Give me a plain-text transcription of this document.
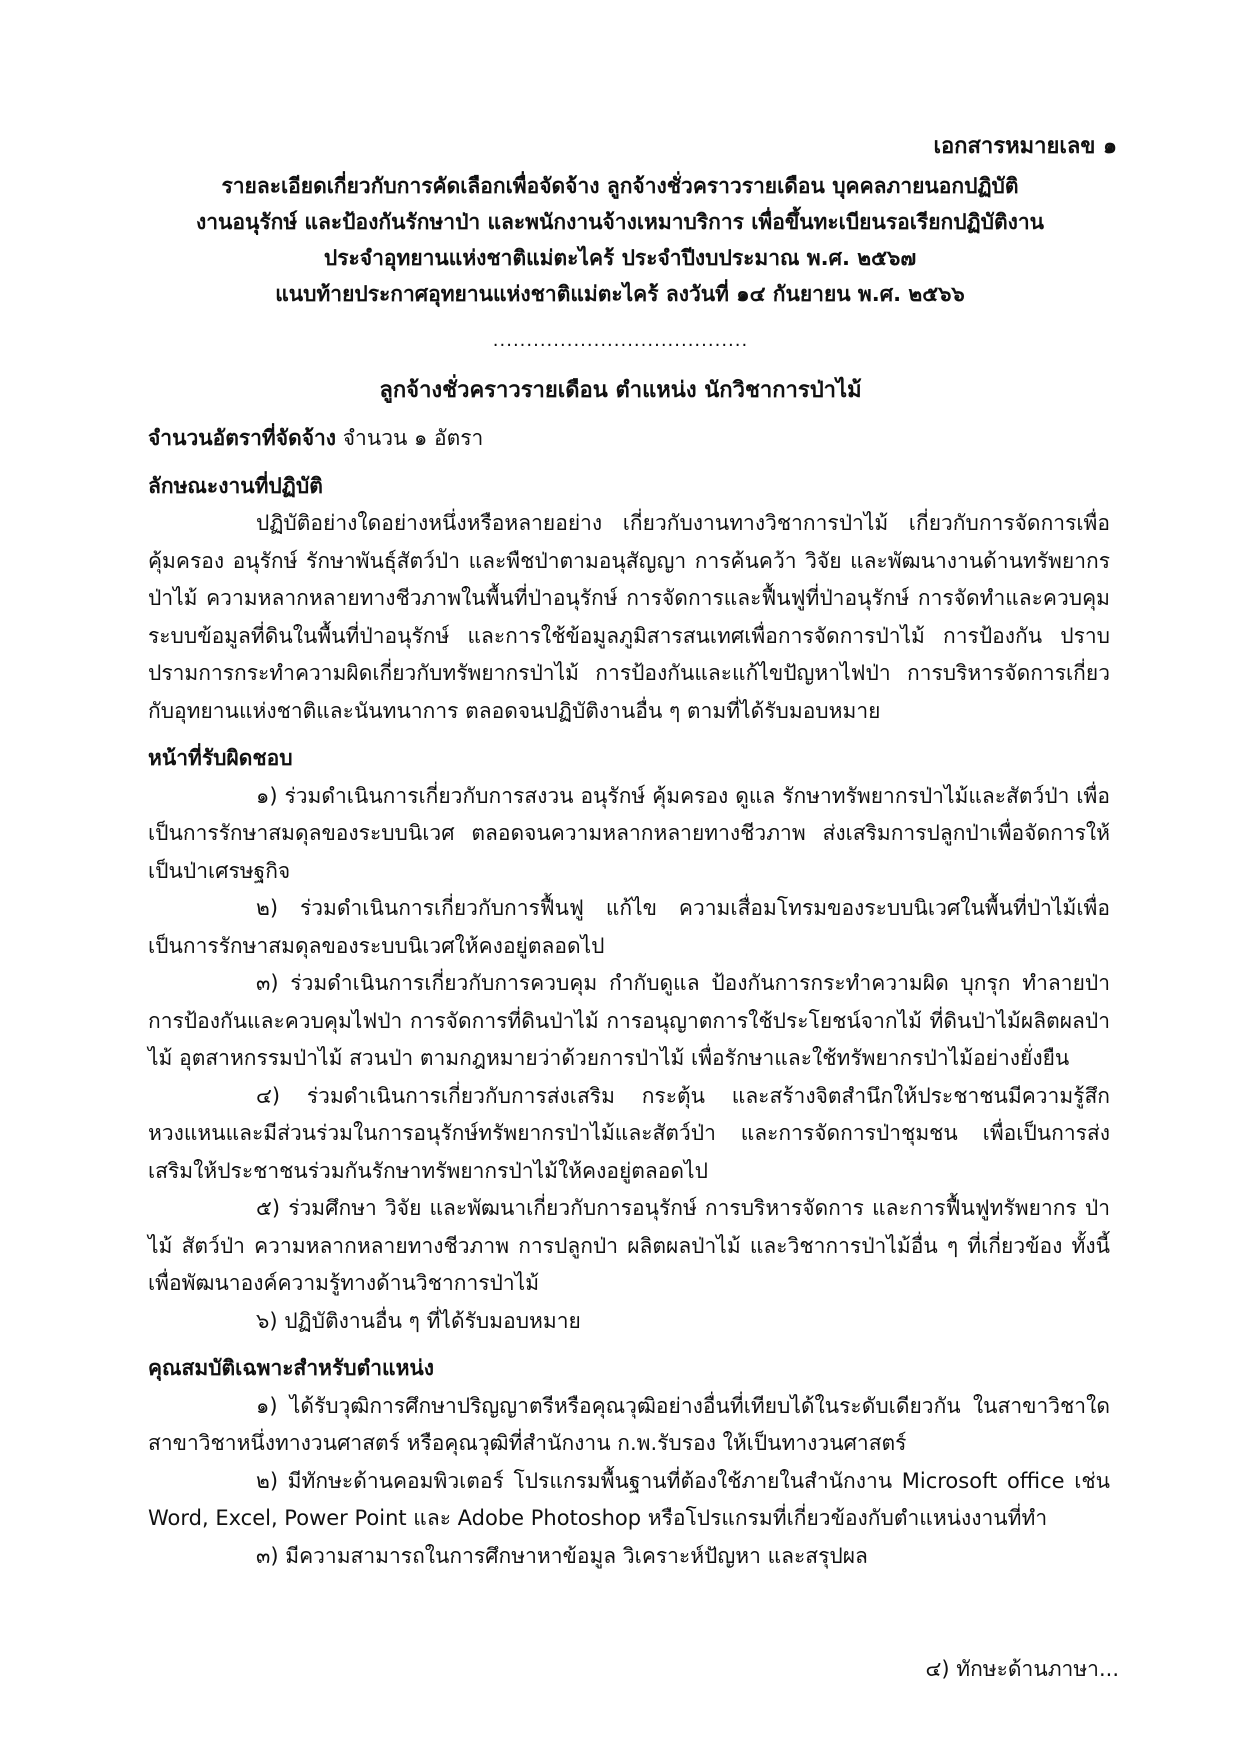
เอกสารหมายเลข ๑
รายละเอียดเกี่ยวกับการคัดเลือกเพื่อจัดจ้าง ลูกจ้างชั่วคราวรายเดือน บุคคลภายนอกปฏิบัติ
งานอนุรักษ์ และป้องกันรักษาป่า และพนักงานจ้างเหมาบริการ เพื่อขึ้นทะเบียนรอเรียกปฏิบัติงาน
ประจำอุทยานแห่งชาติแม่ตะไคร้ ประจำปีงบประมาณ พ.ศ. ๒๕๖๗
แนบท้ายประกาศอุทยานแห่งชาติแม่ตะไคร้ ลงวันที่ ๑๔ กันยายน พ.ศ. ๒๕๖๖
......................................
ลูกจ้างชั่วคราวรายเดือน ตำแหน่ง นักวิชาการป่าไม้
จำนวนอัตราที่จัดจ้าง จำนวน ๑ อัตรา
ลักษณะงานที่ปฏิบัติ

ปฏิบัติอย่างใดอย่างหนึ่งหรือหลายอย่าง เกี่ยวกับงานทางวิชาการป่าไม้ เกี่ยวกับการจัดการเพื่อคุ้มครอง อนุรักษ์ รักษาพันธุ์สัตว์ป่า และพืชป่าตามอนุสัญญา การค้นคว้า วิจัย และพัฒนางานด้านทรัพยากรป่าไม้ ความหลากหลายทางชีวภาพในพื้นที่ป่าอนุรักษ์ การจัดการและฟื้นฟูที่ป่าอนุรักษ์ การจัดทำและควบคุมระบบข้อมูลที่ดินในพื้นที่ป่าอนุรักษ์ และการใช้ข้อมูลภูมิสารสนเทศเพื่อการจัดการป่าไม้ การป้องกัน ปราบปรามการกระทำความผิดเกี่ยวกับทรัพยากรป่าไม้ การป้องกันและแก้ไขปัญหาไฟป่า การบริหารจัดการเกี่ยวกับอุทยานแห่งชาติและนันทนาการ ตลอดจนปฏิบัติงานอื่น ๆ ตามที่ได้รับมอบหมาย

หน้าที่รับผิดชอบ

๑) ร่วมดำเนินการเกี่ยวกับการสงวน อนุรักษ์ คุ้มครอง ดูแล รักษาทรัพยากรป่าไม้และสัตว์ป่า เพื่อเป็นการรักษาสมดุลของระบบนิเวศ ตลอดจนความหลากหลายทางชีวภาพ ส่งเสริมการปลูกป่าเพื่อจัดการให้เป็นป่าเศรษฐกิจ

๒) ร่วมดำเนินการเกี่ยวกับการฟื้นฟู แก้ไข ความเสื่อมโทรมของระบบนิเวศในพื้นที่ป่าไม้เพื่อเป็นการรักษาสมดุลของระบบนิเวศให้คงอยู่ตลอดไป

๓) ร่วมดำเนินการเกี่ยวกับการควบคุม กำกับดูแล ป้องกันการกระทำความผิด บุกรุก ทำลายป่า การป้องกันและควบคุมไฟป่า การจัดการที่ดินป่าไม้ การอนุญาตการใช้ประโยชน์จากไม้ ที่ดินป่าไม้ผลิตผลป่าไม้ อุตสาหกรรมป่าไม้ สวนป่า ตามกฎหมายว่าด้วยการป่าไม้ เพื่อรักษาและใช้ทรัพยากรป่าไม้อย่างยั่งยืน

๔) ร่วมดำเนินการเกี่ยวกับการส่งเสริม กระตุ้น และสร้างจิตสำนึกให้ประชาชนมีความรู้สึกหวงแหนและมีส่วนร่วมในการอนุรักษ์ทรัพยากรป่าไม้และสัตว์ป่า และการจัดการป่าชุมชน เพื่อเป็นการส่งเสริมให้ประชาชนร่วมกันรักษาทรัพยากรป่าไม้ให้คงอยู่ตลอดไป

๕) ร่วมศึกษา วิจัย และพัฒนาเกี่ยวกับการอนุรักษ์ การบริหารจัดการ และการฟื้นฟูทรัพยากร ป่าไม้ สัตว์ป่า ความหลากหลายทางชีวภาพ การปลูกป่า ผลิตผลป่าไม้ และวิชาการป่าไม้อื่น ๆ ที่เกี่ยวข้อง ทั้งนี้ เพื่อพัฒนาองค์ความรู้ทางด้านวิชาการป่าไม้

๖) ปฏิบัติงานอื่น ๆ ที่ได้รับมอบหมาย

คุณสมบัติเฉพาะสำหรับตำแหน่ง

๑) ได้รับวุฒิการศึกษาปริญญาตรีหรือคุณวุฒิอย่างอื่นที่เทียบได้ในระดับเดียวกัน ในสาขาวิชาใดสาขาวิชาหนึ่งทางวนศาสตร์ หรือคุณวุฒิที่สำนักงาน ก.พ.รับรอง ให้เป็นทางวนศาสตร์

๒) มีทักษะด้านคอมพิวเตอร์ โปรแกรมพื้นฐานที่ต้องใช้ภายในสำนักงาน Microsoft office เช่น Word, Excel, Power Point และ Adobe Photoshop หรือโปรแกรมที่เกี่ยวข้องกับตำแหน่งงานที่ทำ

๓) มีความสามารถในการศึกษาหาข้อมูล วิเคราะห์ปัญหา และสรุปผล

๔) ทักษะด้านภาษา...
